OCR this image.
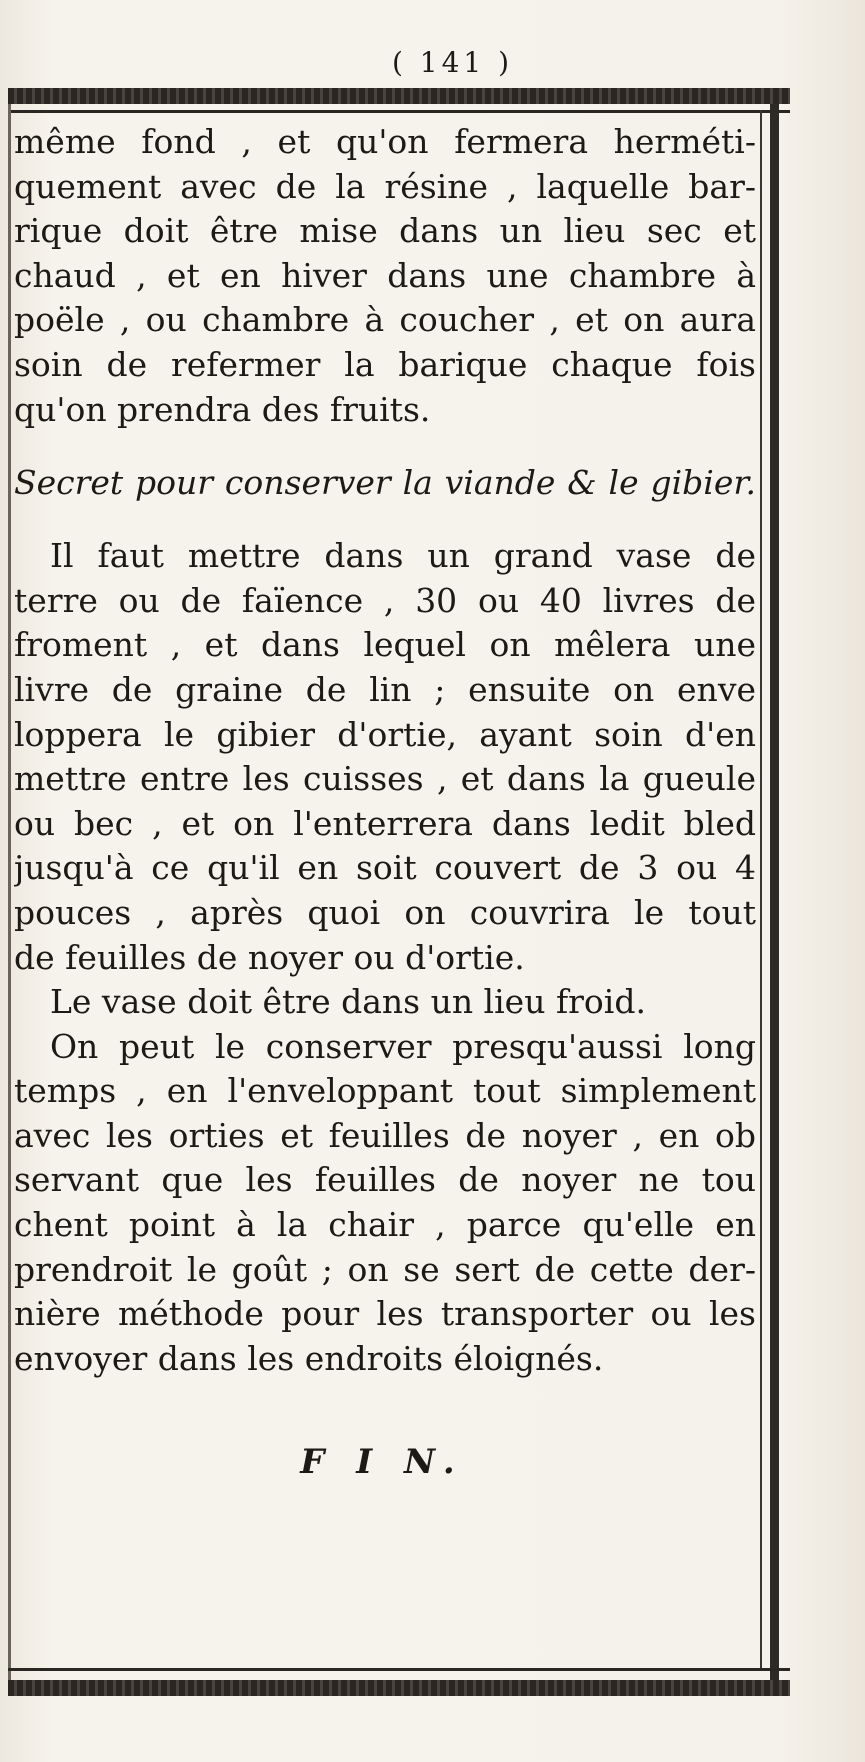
( 141 )
même fond , et qu'on fermera herméti-
quement avec de la résine , laquelle bar-
rique doit être mise dans un lieu sec et
chaud , et en hiver dans une chambre à
poële , ou chambre à coucher , et on aura
soin de refermer la barique chaque fois
qu'on prendra des fruits.
Secret pour conserver la viande & le gibier.
Il faut mettre dans un grand vase de
terre ou de faïence , 30 ou 40 livres de
froment , et dans lequel on mêlera une
livre de graine de lin ; ensuite on enve
loppera le gibier d'ortie, ayant soin d'en
mettre entre les cuisses , et dans la gueule
ou bec , et on l'enterrera dans ledit bled
jusqu'à ce qu'il en soit couvert de 3 ou 4
pouces , après quoi on couvrira le tout
de feuilles de noyer ou d'ortie.
Le vase doit être dans un lieu froid.
On peut le conserver presqu'aussi long
temps , en l'enveloppant tout simplement
avec les orties et feuilles de noyer , en ob
servant que les feuilles de noyer ne tou
chent point à la chair , parce qu'elle en
prendroit le goût ; on se sert de cette der-
nière méthode pour les transporter ou les
envoyer dans les endroits éloignés.
F I N.
